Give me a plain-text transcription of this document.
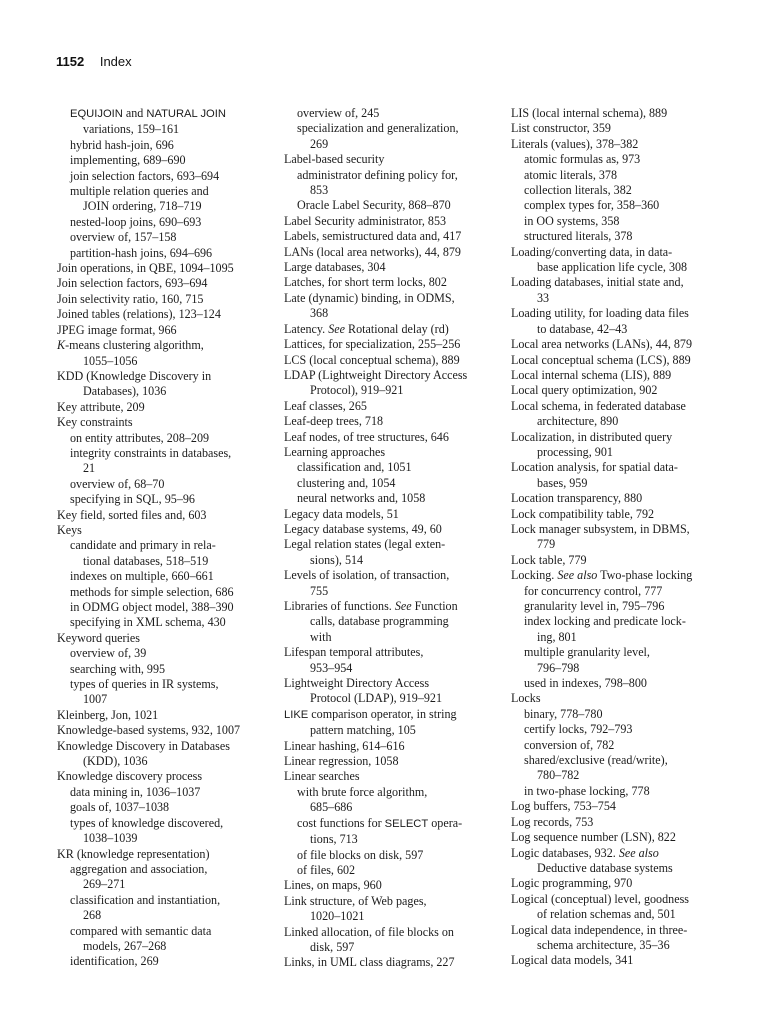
1152 Index
EQUIJOIN and NATURAL JOIN
variations, 159–161
hybrid hash-join, 696
implementing, 689–690
join selection factors, 693–694
multiple relation queries and
JOIN ordering, 718–719
nested-loop joins, 690–693
overview of, 157–158
partition-hash joins, 694–696
Join operations, in QBE, 1094–1095
Join selection factors, 693–694
Join selectivity ratio, 160, 715
Joined tables (relations), 123–124
JPEG image format, 966
K-means clustering algorithm,
1055–1056
KDD (Knowledge Discovery in
Databases), 1036
Key attribute, 209
Key constraints
on entity attributes, 208–209
integrity constraints in databases,
21
overview of, 68–70
specifying in SQL, 95–96
Key field, sorted files and, 603
Keys
candidate and primary in rela-
tional databases, 518–519
indexes on multiple, 660–661
methods for simple selection, 686
in ODMG object model, 388–390
specifying in XML schema, 430
Keyword queries
overview of, 39
searching with, 995
types of queries in IR systems,
1007
Kleinberg, Jon, 1021
Knowledge-based systems, 932, 1007
Knowledge Discovery in Databases
(KDD), 1036
Knowledge discovery process
data mining in, 1036–1037
goals of, 1037–1038
types of knowledge discovered,
1038–1039
KR (knowledge representation)
aggregation and association,
269–271
classification and instantiation,
268
compared with semantic data
models, 267–268
identification, 269
overview of, 245
specialization and generalization,
269
Label-based security
administrator defining policy for,
853
Oracle Label Security, 868–870
Label Security administrator, 853
Labels, semistructured data and, 417
LANs (local area networks), 44, 879
Large databases, 304
Latches, for short term locks, 802
Late (dynamic) binding, in ODMS,
368
Latency. See Rotational delay (rd)
Lattices, for specialization, 255–256
LCS (local conceptual schema), 889
LDAP (Lightweight Directory Access
Protocol), 919–921
Leaf classes, 265
Leaf-deep trees, 718
Leaf nodes, of tree structures, 646
Learning approaches
classification and, 1051
clustering and, 1054
neural networks and, 1058
Legacy data models, 51
Legacy database systems, 49, 60
Legal relation states (legal exten-
sions), 514
Levels of isolation, of transaction,
755
Libraries of functions. See Function
calls, database programming
with
Lifespan temporal attributes,
953–954
Lightweight Directory Access
Protocol (LDAP), 919–921
LIKE comparison operator, in string
pattern matching, 105
Linear hashing, 614–616
Linear regression, 1058
Linear searches
with brute force algorithm,
685–686
cost functions for SELECT opera-
tions, 713
of file blocks on disk, 597
of files, 602
Lines, on maps, 960
Link structure, of Web pages,
1020–1021
Linked allocation, of file blocks on
disk, 597
Links, in UML class diagrams, 227
LIS (local internal schema), 889
List constructor, 359
Literals (values), 378–382
atomic formulas as, 973
atomic literals, 378
collection literals, 382
complex types for, 358–360
in OO systems, 358
structured literals, 378
Loading/converting data, in data-
base application life cycle, 308
Loading databases, initial state and,
33
Loading utility, for loading data files
to database, 42–43
Local area networks (LANs), 44, 879
Local conceptual schema (LCS), 889
Local internal schema (LIS), 889
Local query optimization, 902
Local schema, in federated database
architecture, 890
Localization, in distributed query
processing, 901
Location analysis, for spatial data-
bases, 959
Location transparency, 880
Lock compatibility table, 792
Lock manager subsystem, in DBMS,
779
Lock table, 779
Locking. See also Two-phase locking
for concurrency control, 777
granularity level in, 795–796
index locking and predicate lock-
ing, 801
multiple granularity level,
796–798
used in indexes, 798–800
Locks
binary, 778–780
certify locks, 792–793
conversion of, 782
shared/exclusive (read/write),
780–782
in two-phase locking, 778
Log buffers, 753–754
Log records, 753
Log sequence number (LSN), 822
Logic databases, 932. See also
Deductive database systems
Logic programming, 970
Logical (conceptual) level, goodness
of relation schemas and, 501
Logical data independence, in three-
schema architecture, 35–36
Logical data models, 341
